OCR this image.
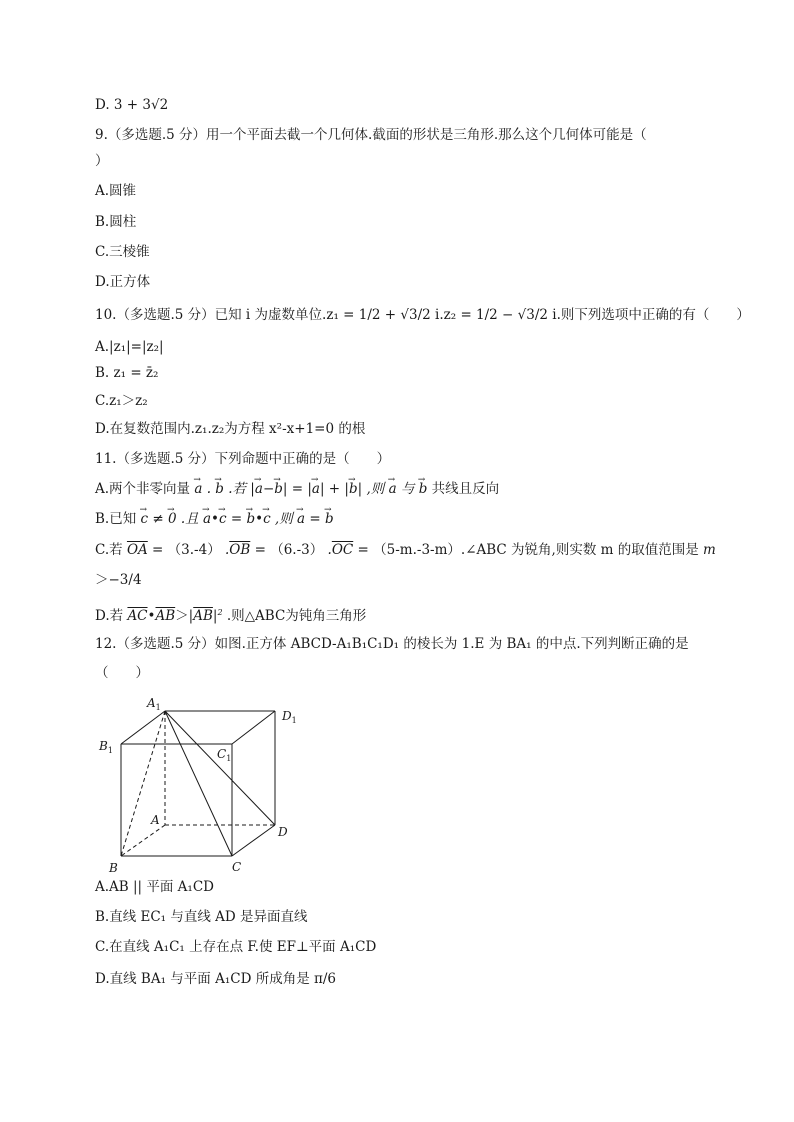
D. 3 + 3√2
9.（多选题.5 分）用一个平面去截一个几何体.截面的形状是三角形.那么这个几何体可能是（
）
A.圆锥
B.圆柱
C.三棱锥
D.正方体
10.（多选题.5 分）已知 i 为虚数单位.z₁ = 1/2 + √3/2 i.z₂ = 1/2 − √3/2 i.则下列选项中正确的有（　　）
A.|z₁|=|z₂|
B. z₁ = z̄₂
C.z₁＞z₂
D.在复数范围内.z₁.z₂为方程 x²-x+1=0 的根
11.（多选题.5 分）下列命题中正确的是（　　）
A.两个非零向量 → a . → b .若 |→ a−→ b| = |→ a| + |→ b| ,则 → a 与 → b 共线且反向
B.已知 → c ≠ → 0 .且 → a•→ c = → b•→ c ,则 → a = → b
C.若 $\overline{OA} = (3.-4) .\overline{OB} = (6.-3) .\overline{OC}$ = （5-m.-3-m）.∠ABC 为锐角,则实数 m 的取值范围是 m
＞−3/4
D.若 $\overline{AC}•\overline{AB}>|\overline{AB}|^2$ .则△ABC为钝角三角形
12.（多选题.5 分）如图.正方体 ABCD-A₁B₁C₁D₁ 的棱长为 1.E 为 BA₁ 的中点.下列判断正确的是
（　　）
$A_1$
$D_1$
$B_1$	$C_1$
A
D
B	C
A.AB || 平面 A₁CD
B.直线 EC₁ 与直线 AD 是异面直线
C.在直线 A₁C₁ 上存在点 F.使 EF⊥平面 A₁CD
D.直线 BA₁ 与平面 A₁CD 所成角是 π/6
